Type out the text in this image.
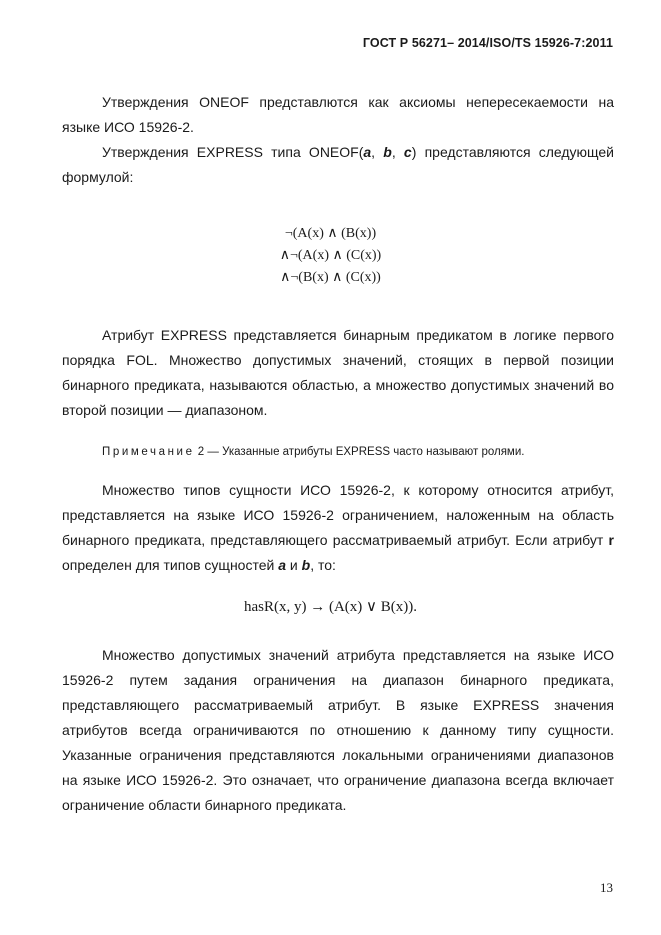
ГОСТ Р 56271– 2014/ISO/TS 15926-7:2011

Утверждения ONEOF представлются как аксиомы непересекаемости на языке ИСО 15926-2.

Утверждения EXPRESS типа ONEOF(a, b, c) представляются следующей формулой:

¬(A(x) ∧ (B(x))
∧¬(A(x) ∧ (C(x))
∧¬(B(x) ∧ (C(x))

Атрибут EXPRESS представляется бинарным предикатом в логике первого порядка FOL. Множество допустимых значений, стоящих в первой позиции бинарного предиката, называются областью, а множество допустимых значений во второй позиции — диапазоном.

Примечание 2 — Указанные атрибуты EXPRESS часто называют ролями.

Множество типов сущности ИСО 15926-2, к которому относится атрибут, представляется на языке ИСО 15926-2 ограничением, наложенным на область бинарного предиката, представляющего рассматриваемый атрибут. Если атрибут r определен для типов сущностей a и b, то:

hasR(x, y) → (A(x) ∨ B(x)).

Множество допустимых значений атрибута представляется на языке ИСО 15926-2 путем задания ограничения на диапазон бинарного предиката, представляющего рассматриваемый атрибут. В языке EXPRESS значения атрибутов всегда ограничиваются по отношению к данному типу сущности. Указанные ограничения представляются локальными ограничениями диапазонов на языке ИСО 15926-2. Это означает, что ограничение диапазона всегда включает ограничение области бинарного предиката.

13
